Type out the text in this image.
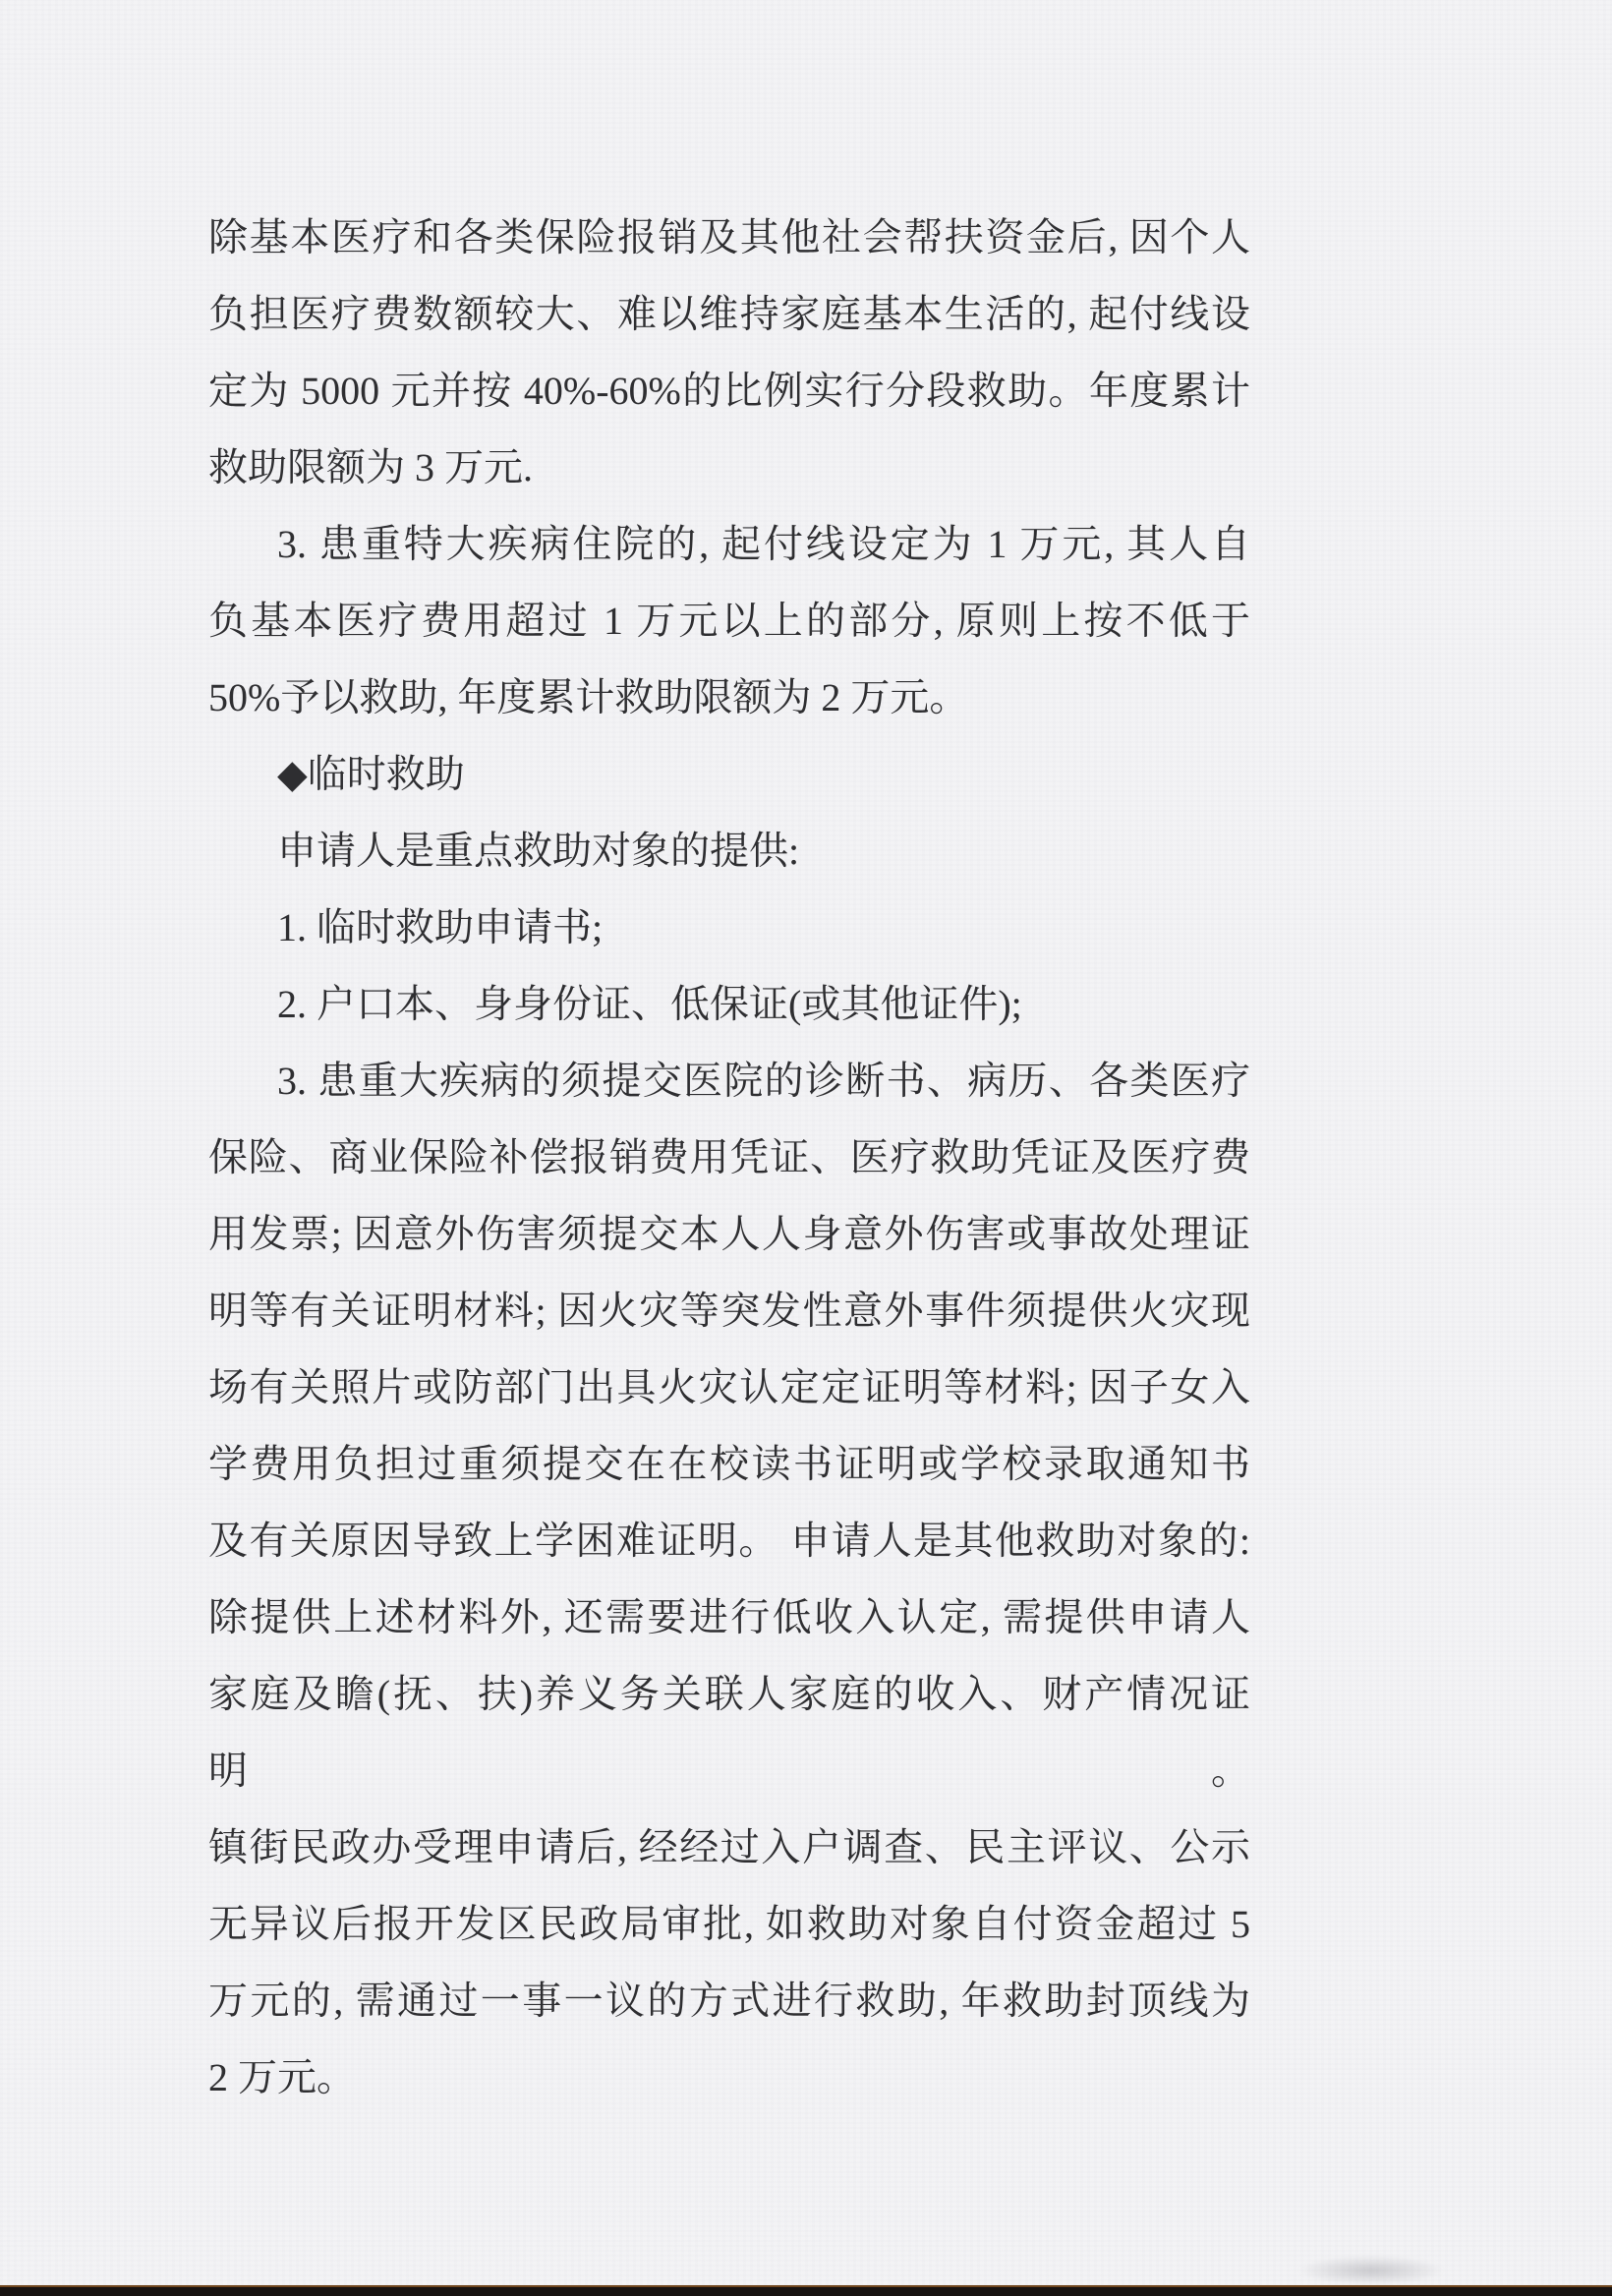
除基本医疗和各类保险报销及其他社会帮扶资金后, 因个人
负担医疗费数额较大、难以维持家庭基本生活的, 起付线设
定为 5000 元并按 40%-60%的比例实行分段救助。年度累计
救助限额为 3 万元.
3. 患重特大疾病住院的, 起付线设定为 1 万元, 其人自
负基本医疗费用超过 1 万元以上的部分, 原则上按不低于
50%予以救助, 年度累计救助限额为 2 万元。
◆临时救助
申请人是重点救助对象的提供:
1. 临时救助申请书;
2. 户口本、身身份证、低保证(或其他证件);
3. 患重大疾病的须提交医院的诊断书、病历、各类医疗
保险、商业保险补偿报销费用凭证、医疗救助凭证及医疗费
用发票; 因意外伤害须提交本人人身意外伤害或事故处理证
明等有关证明材料; 因火灾等突发性意外事件须提供火灾现
场有关照片或防部门出具火灾认定定证明等材料; 因子女入
学费用负担过重须提交在在校读书证明或学校录取通知书
及有关原因导致上学困难证明。 申请人是其他救助对象的:
除提供上述材料外, 还需要进行低收入认定, 需提供申请人
家庭及瞻(抚、扶)养义务关联人家庭的收入、财产情况证明。
镇街民政办受理申请后, 经经过入户调查、民主评议、公示
无异议后报开发区民政局审批, 如救助对象自付资金超过 5
万元的, 需通过一事一议的方式进行救助, 年救助封顶线为
2 万元。
